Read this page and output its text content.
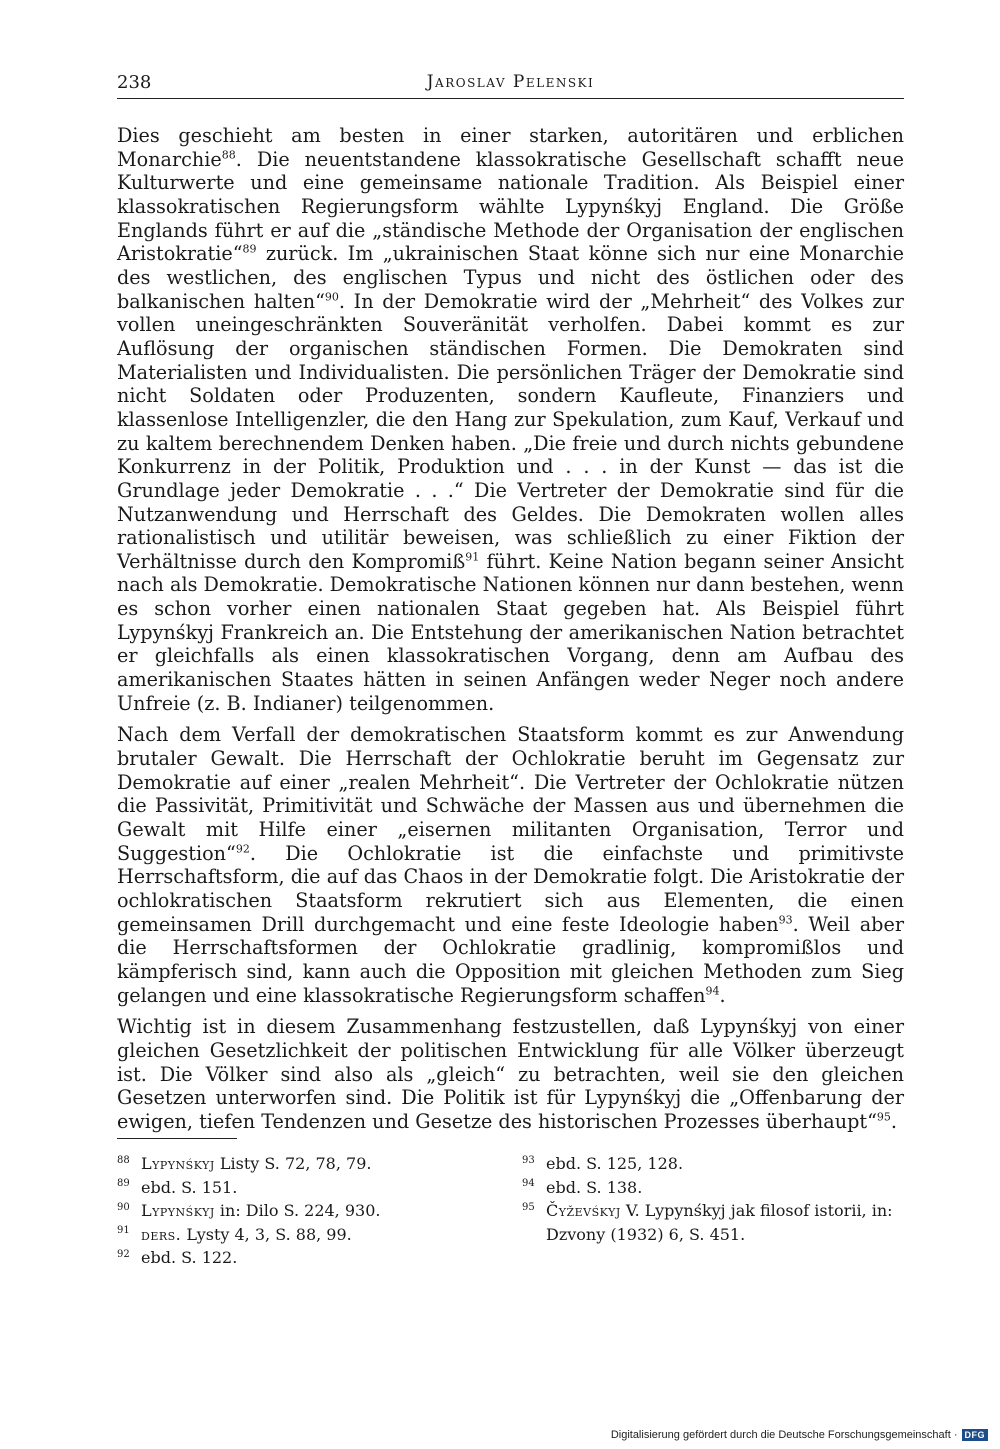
238	Jaroslav Pelenski

Dies geschieht am besten in einer starken, autoritären und erblichen Monarchie$^{88}$. Die neuentstandene klassokratische Gesellschaft schafft neue Kulturwerte und eine gemeinsame nationale Tradition. Als Beispiel einer klassokratischen Regierungsform wählte Lypynśkyj England. Die Größe Englands führt er auf die „ständische Methode der Organisation der englischen Aristokratie“$^{89}$ zurück. Im „ukrainischen Staat könne sich nur eine Monarchie des westlichen, des englischen Typus und nicht des östlichen oder des balkanischen halten“$^{90}$. In der Demokratie wird der „Mehrheit“ des Volkes zur vollen uneingeschränkten Souveränität verholfen. Dabei kommt es zur Auflösung der organischen ständischen Formen. Die Demokraten sind Materialisten und Individualisten. Die persönlichen Träger der Demokratie sind nicht Soldaten oder Produzenten, sondern Kaufleute, Finanziers und klassenlose Intelligenzler, die den Hang zur Spekulation, zum Kauf, Verkauf und zu kaltem berechnendem Denken haben. „Die freie und durch nichts gebundene Konkurrenz in der Politik, Produktion und . . . in der Kunst — das ist die Grundlage jeder Demokratie . . .“ Die Vertreter der Demokratie sind für die Nutzanwendung und Herrschaft des Geldes. Die Demokraten wollen alles rationalistisch und utilitär beweisen, was schließlich zu einer Fiktion der Verhältnisse durch den Kompromiß$^{91}$ führt. Keine Nation begann seiner Ansicht nach als Demokratie. Demokratische Nationen können nur dann bestehen, wenn es schon vorher einen nationalen Staat gegeben hat. Als Beispiel führt Lypynśkyj Frankreich an. Die Entstehung der amerikanischen Nation betrachtet er gleichfalls als einen klassokratischen Vorgang, denn am Aufbau des amerikanischen Staates hätten in seinen Anfängen weder Neger noch andere Unfreie (z. B. Indianer) teilgenommen.

Nach dem Verfall der demokratischen Staatsform kommt es zur Anwendung brutaler Gewalt. Die Herrschaft der Ochlokratie beruht im Gegensatz zur Demokratie auf einer „realen Mehrheit“. Die Vertreter der Ochlokratie nützen die Passivität, Primitivität und Schwäche der Massen aus und übernehmen die Gewalt mit Hilfe einer „eisernen militanten Organisation, Terror und Suggestion“$^{92}$. Die Ochlokratie ist die einfachste und primitivste Herrschaftsform, die auf das Chaos in der Demokratie folgt. Die Aristokratie der ochlokratischen Staatsform rekrutiert sich aus Elementen, die einen gemeinsamen Drill durchgemacht und eine feste Ideologie haben$^{93}$. Weil aber die Herrschaftsformen der Ochlokratie gradlinig, kompromißlos und kämpferisch sind, kann auch die Opposition mit gleichen Methoden zum Sieg gelangen und eine klassokratische Regierungsform schaffen$^{94}$.

Wichtig ist in diesem Zusammenhang festzustellen, daß Lypynśkyj von einer gleichen Gesetzlichkeit der politischen Entwicklung für alle Völker überzeugt ist. Die Völker sind also als „gleich“ zu betrachten, weil sie den gleichen Gesetzen unterworfen sind. Die Politik ist für Lypynśkyj die „Offenbarung der ewigen, tiefen Tendenzen und Gesetze des historischen Prozesses überhaupt“$^{95}$.

88 Lypynśkyj Listy S. 72, 78, 79.
89 ebd. S. 151.
90 Lypynśkyj in: Dilo S. 224, 930.
91 ders. Lysty 4, 3, S. 88, 99.
92 ebd. S. 122.
93 ebd. S. 125, 128.
94 ebd. S. 138.
95 Čyževśkyj V. Lypynśkyj jak filosof istorii, in: Dzvony (1932) 6, S. 451.
Digitalisierung gefördert durch die Deutsche Forschungsgemeinschaft · DFG
